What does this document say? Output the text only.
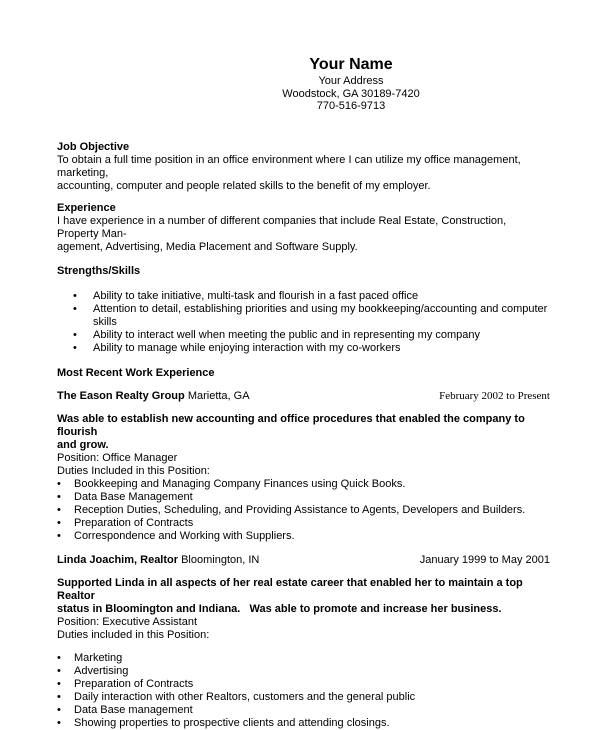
Your Name
Your Address
Woodstock, GA 30189-7420
770-516-9713
Job Objective
To obtain a full time position in an office environment where I can utilize my office management, marketing,
accounting, computer and people related skills to the benefit of my employer.
Experience
I have experience in a number of different companies that include Real Estate, Construction, Property Man-
agement, Advertising, Media Placement and Software Supply.
Strengths/Skills
• Ability to take initiative, multi-task and flourish in a fast paced office
• Attention to detail, establishing priorities and using my bookkeeping/accounting and computer skills
• Ability to interact well when meeting the public and in representing my company
• Ability to manage while enjoying interaction with my co-workers
Most Recent Work Experience
The Eason Realty Group Marietta, GA	February 2002 to Present
Was able to establish new accounting and office procedures that enabled the company to flourish
and grow.
Position: Office Manager
Duties Included in this Position:
• Bookkeeping and Managing Company Finances using Quick Books.
• Data Base Management
• Reception Duties, Scheduling, and Providing Assistance to Agents, Developers and Builders.
• Preparation of Contracts
• Correspondence and Working with Suppliers.
Linda Joachim, Realtor Bloomington, IN	January 1999 to May 2001
Supported Linda in all aspects of her real estate career that enabled her to maintain a top Realtor
status in Bloomington and Indiana.   Was able to promote and increase her business.
Position: Executive Assistant
Duties included in this Position:
• Marketing
• Advertising
• Preparation of Contracts
• Daily interaction with other Realtors, customers and the general public
• Data Base management
• Showing properties to prospective clients and attending closings.
